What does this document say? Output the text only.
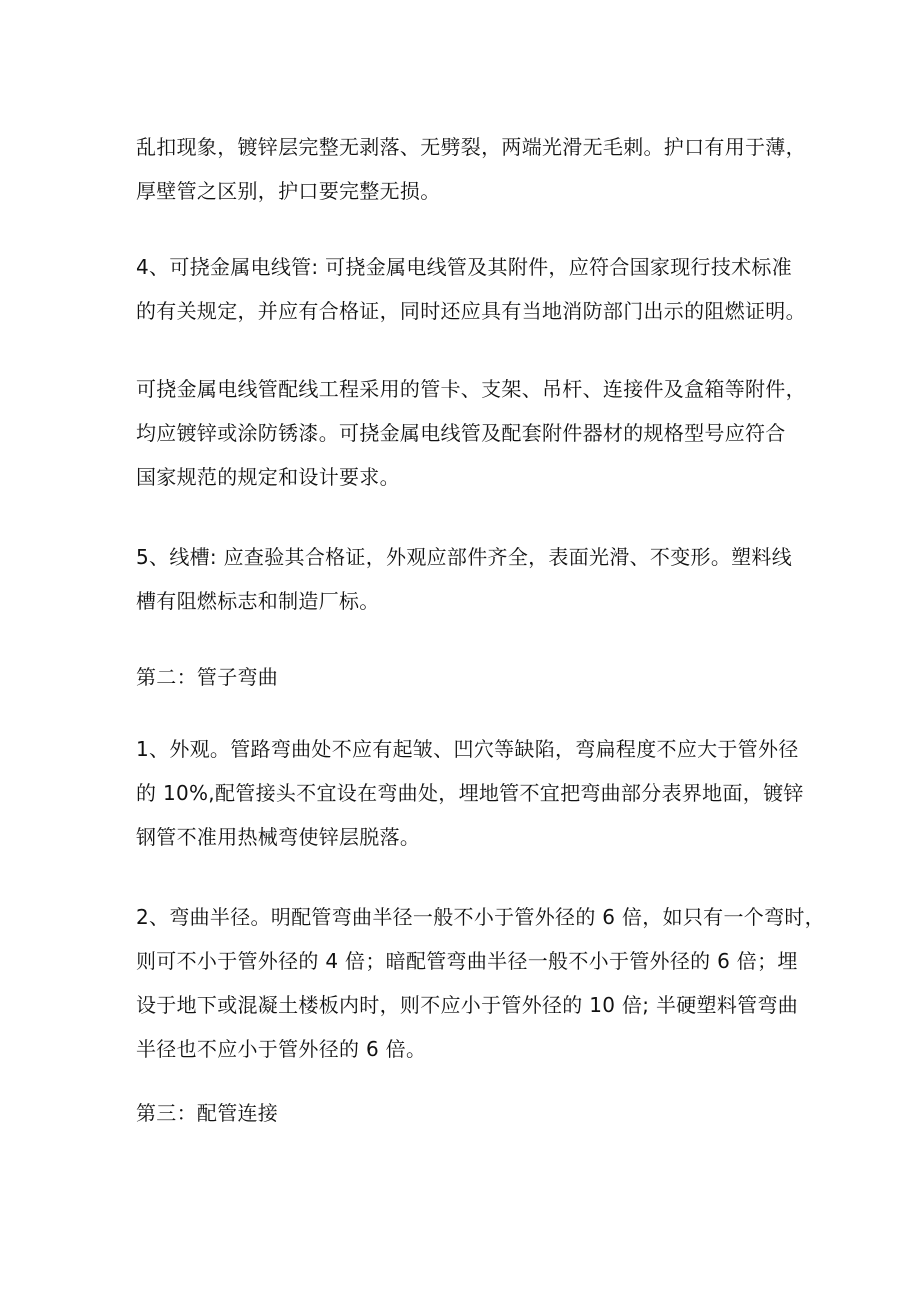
乱扣现象，镀锌层完整无剥落、无劈裂，两端光滑无毛刺。护口有用于薄，
厚壁管之区别，护口要完整无损。

4、可挠金属电线管: 可挠金属电线管及其附件，应符合国家现行技术标准
的有关规定，并应有合格证，同时还应具有当地消防部门出示的阻燃证明。

可挠金属电线管配线工程采用的管卡、支架、吊杆、连接件及盒箱等附件，
均应镀锌或涂防锈漆。可挠金属电线管及配套附件器材的规格型号应符合
国家规范的规定和设计要求。

5、线槽: 应查验其合格证，外观应部件齐全，表面光滑、不变形。塑料线
槽有阻燃标志和制造厂标。

第二：管子弯曲

1、外观。管路弯曲处不应有起皱、凹穴等缺陷，弯扁程度不应大于管外径
的 10%,配管接头不宜设在弯曲处，埋地管不宜把弯曲部分表界地面，镀锌
钢管不准用热械弯使锌层脱落。

2、弯曲半径。明配管弯曲半径一般不小于管外径的 6 倍，如只有一个弯时，
则可不小于管外径的 4 倍；暗配管弯曲半径一般不小于管外径的 6 倍；埋
设于地下或混凝土楼板内时，则不应小于管外径的 10 倍; 半硬塑料管弯曲
半径也不应小于管外径的 6 倍。

第三：配管连接
